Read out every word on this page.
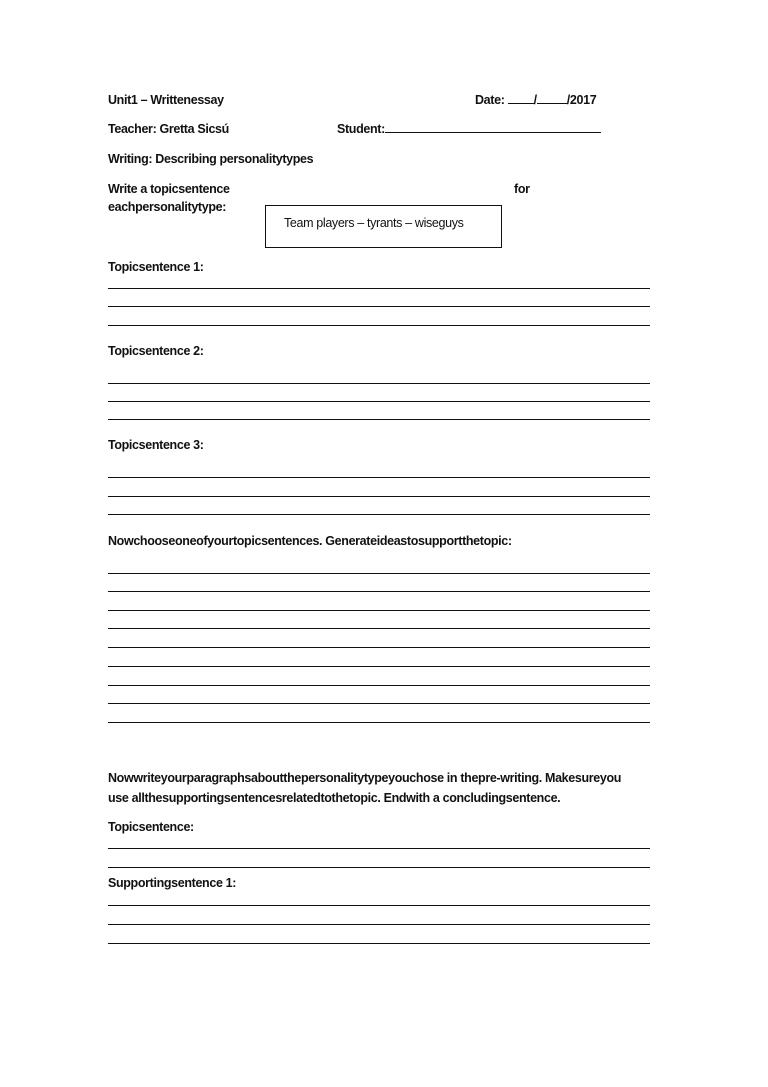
Unit1 – Writtenessay	Date: / /2017
Teacher: Gretta Sicsú	Student:
Writing: Describing personalitytypes
Write a topicsentence	for
eachpersonalitytype:
Team players – tyrants – wiseguys
Topicsentence 1:
Topicsentence 2:
Topicsentence 3:
Nowchooseoneofyourtopicsentences. Generateideastosupportthetopic:
Nowwriteyourparagraphsaboutthepersonalitytypeyouchose in thepre-writing. Makesureyou
use allthesupportingsentencesrelatedtothetopic. Endwith a concludingsentence.
Topicsentence:
Supportingsentence 1:
